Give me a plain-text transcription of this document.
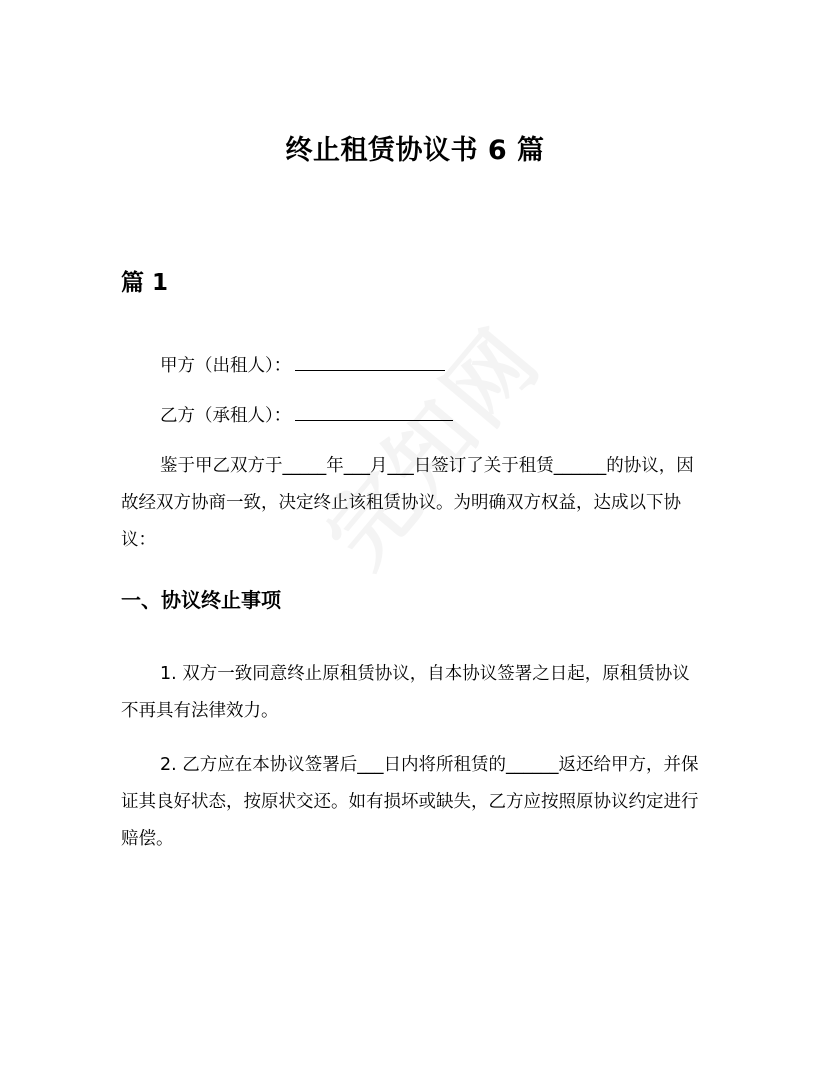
终止租赁协议书 6 篇
篇 1
甲方（出租人）：
乙方（承租人）：
鉴于甲乙双方于_____年___月___日签订了关于租赁______的协议，因故经双方协商一致，决定终止该租赁协议。为明确双方权益，达成以下协议：
一、协议终止事项
1. 双方一致同意终止原租赁协议，自本协议签署之日起，原租赁协议不再具有法律效力。
2. 乙方应在本协议签署后___日内将所租赁的______返还给甲方，并保证其良好状态，按原状交还。如有损坏或缺失，乙方应按照原协议约定进行赔偿。
